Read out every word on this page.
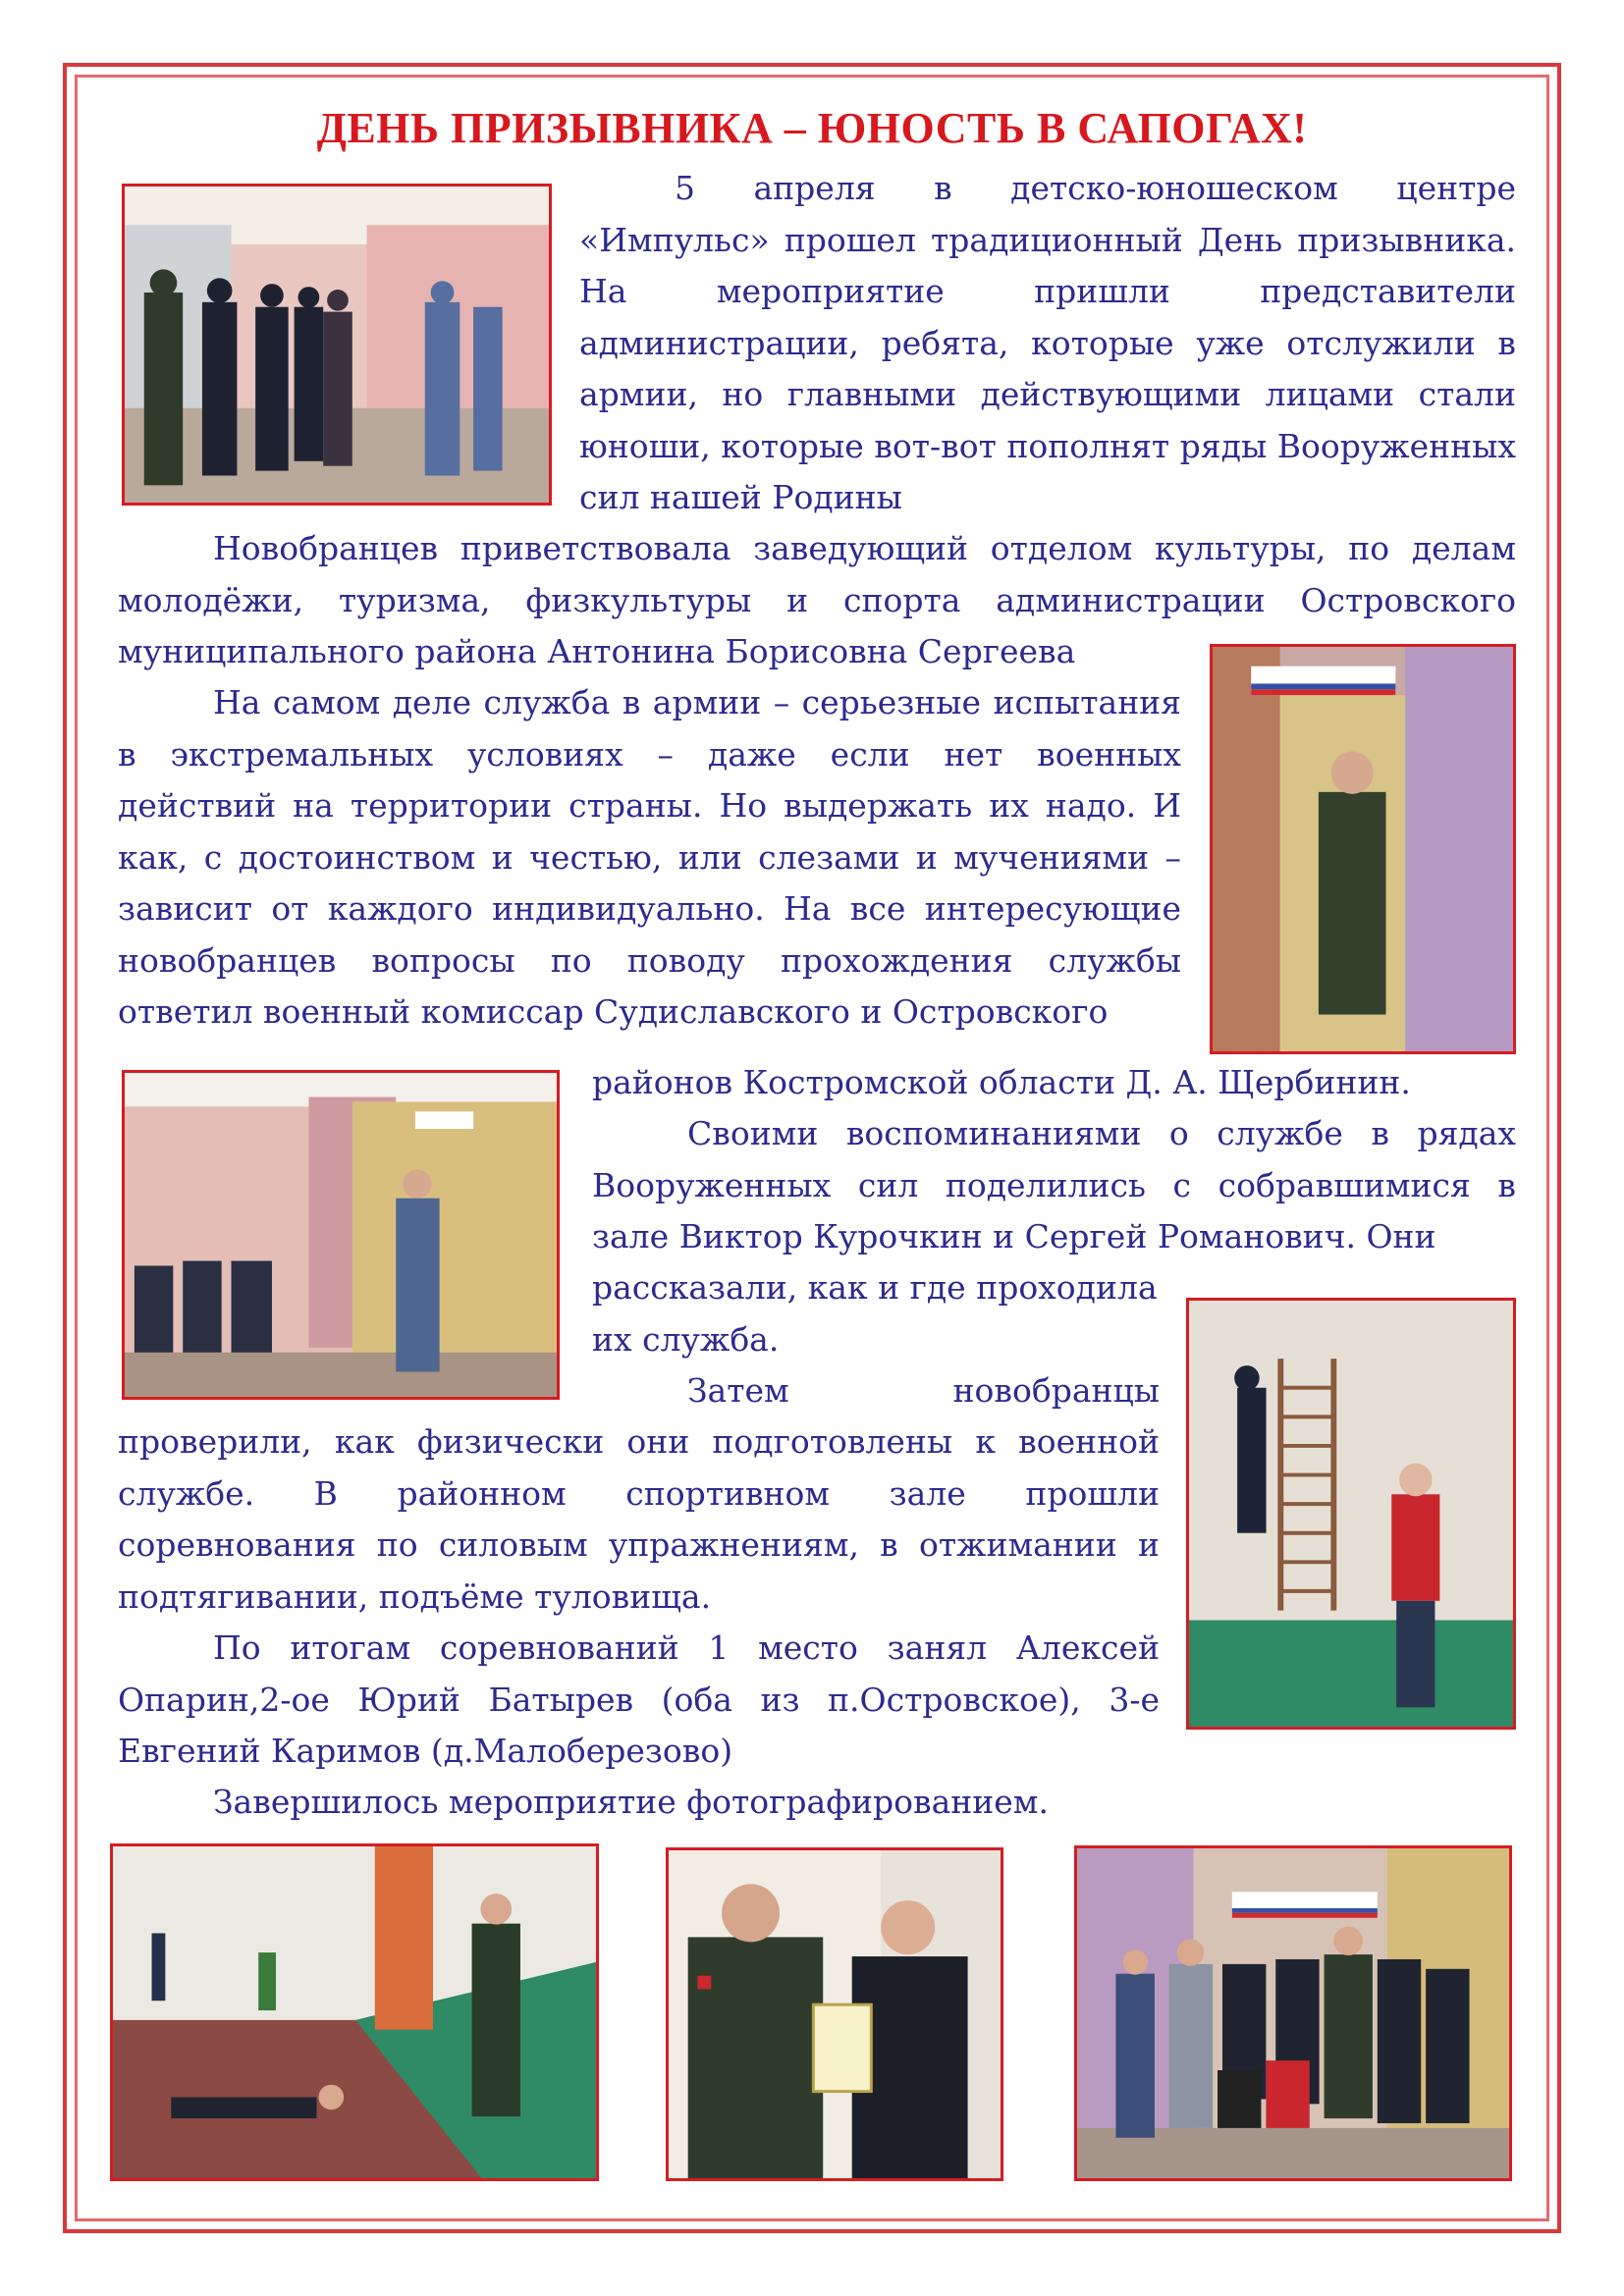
ДЕНЬ ПРИЗЫВНИКА – ЮНОСТЬ В САПОГАХ!

5 апреля в детско-юношеском центре «Импульс» прошел традиционный День призывника. На мероприятие пришли представители администрации, ребята, которые уже отслужили в армии, но главными действующими лицами стали юноши, которые вот-вот пополнят ряды Вооруженных сил нашей Родины

Новобранцев приветствовала заведующий отделом культуры, по делам молодёжи, туризма, физкультуры и спорта администрации Островского муниципального района Антонина Борисовна Сергеева

На самом деле служба в армии – серьезные испытания в экстремальных условиях – даже если нет военных действий на территории страны. Но выдержать их надо. И как, с достоинством и честью, или слезами и мучениями – зависит от каждого индивидуально. На все интересующие новобранцев вопросы по поводу прохождения службы ответил военный комиссар Судиславского и Островского

районов Костромской области Д. А. Щербинин.

Своими воспоминаниями о службе в рядах Вооруженных сил поделились с собравшимися в зале Виктор Курочкин и Сергей Романович. Они

рассказали, как и где проходила

их служба.

Затем новобранцы

проверили, как физически они подготовлены к военной службе. В районном спортивном зале прошли соревнования по силовым упражнениям, в отжимании и подтягивании, подъёме туловища.

По итогам соревнований 1 место занял Алексей Опарин,2-ое Юрий Батырев (оба из п.Островское), 3-е Евгений Каримов (д.Малоберезово)

Завершилось мероприятие фотографированием.
